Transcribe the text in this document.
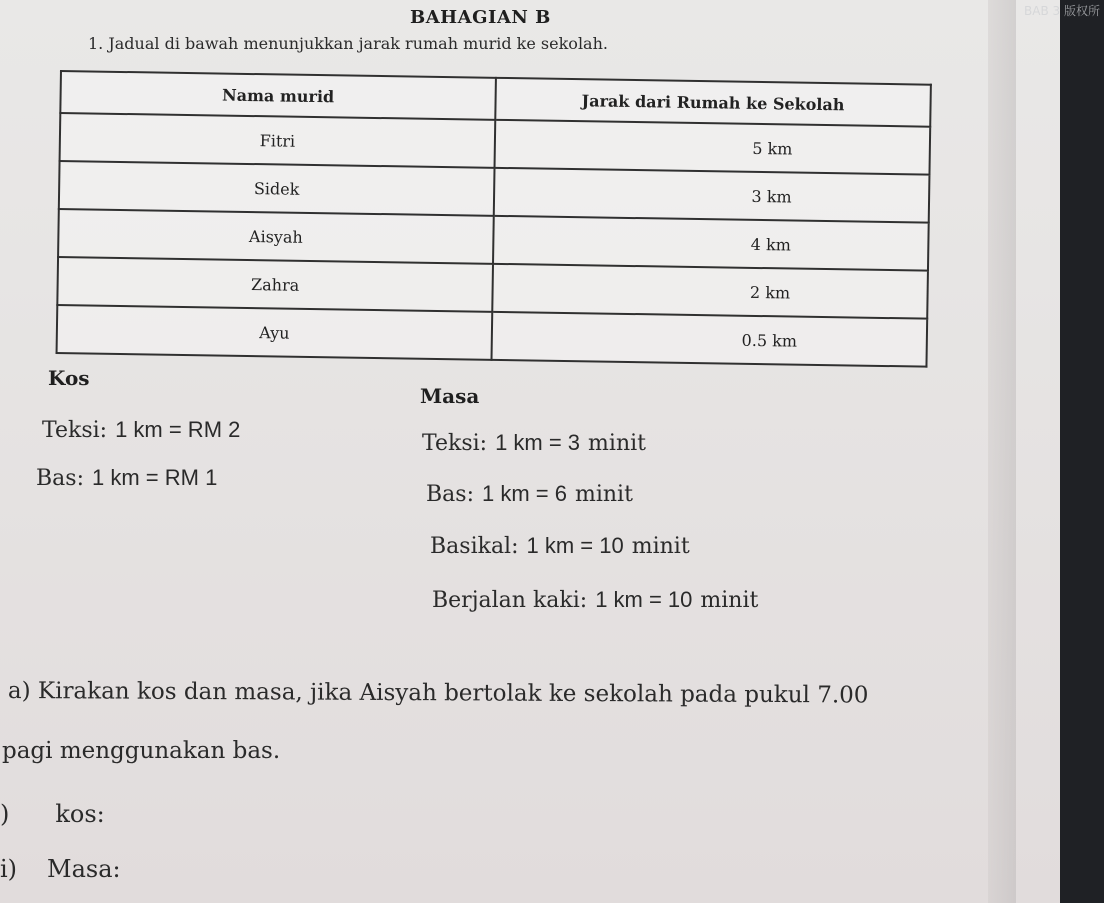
BAHAGIAN B
1. Jadual di bawah menunjukkan jarak rumah murid ke sekolah.
Nama murid	Jarak dari Rumah ke Sekolah
Fitri	5 km
Sidek	3 km
Aisyah	4 km
Zahra	2 km
Ayu	0.5 km
Kos
Masa
Teksi: 1 km = RM 2
Bas: 1 km = RM 1
Teksi: 1 km = 3 minit
Bas: 1 km = 6 minit
Basikal: 1 km = 10 minit
Berjalan kaki: 1 km = 10 minit
a) Kirakan kos dan masa, jika Aisyah bertolak ke sekolah pada pukul 7.00
pagi menggunakan bas.
) kos:
i) Masa:
BAB 3 版权所
